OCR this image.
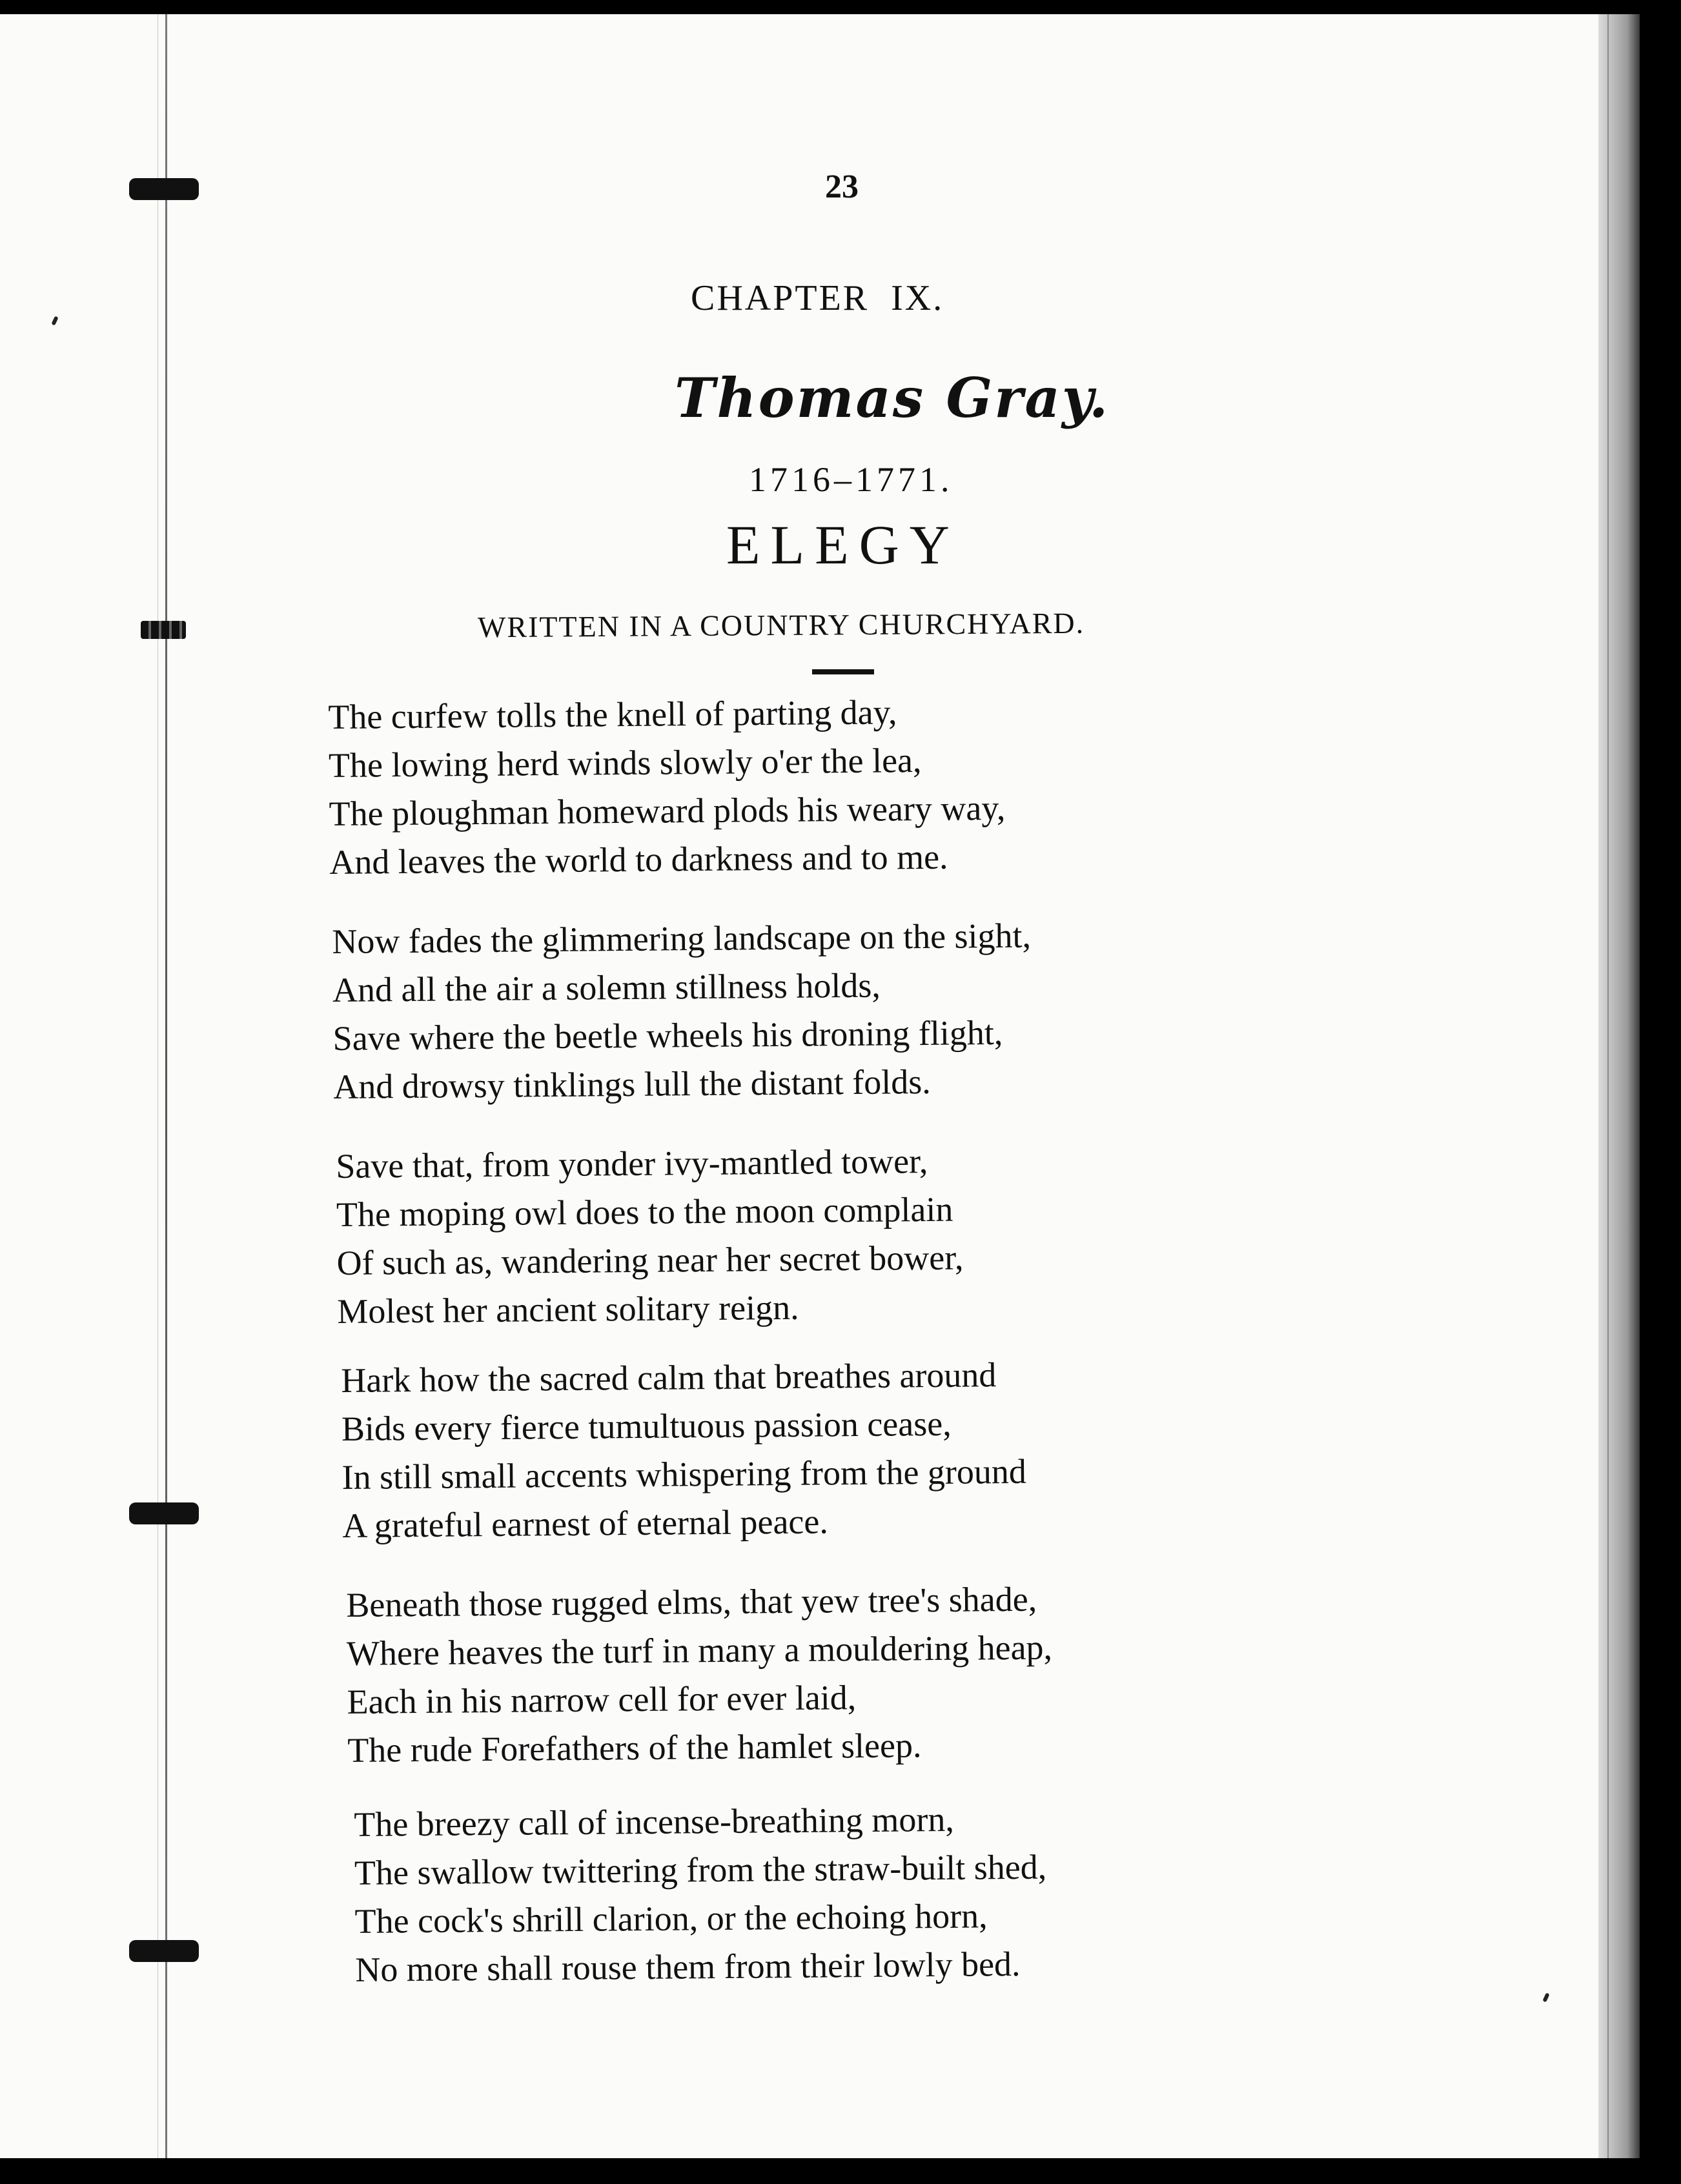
23
CHAPTER  IX.
Thomas Gray.
1716–1771.
ELEGY
WRITTEN IN A COUNTRY CHURCHYARD.
The curfew tolls the knell of parting day,
The lowing herd winds slowly o'er the lea,
The ploughman homeward plods his weary way,
And leaves the world to darkness and to me.
Now fades the glimmering landscape on the sight,
And all the air a solemn stillness holds,
Save where the beetle wheels his droning flight,
And drowsy tinklings lull the distant folds.
Save that, from yonder ivy-mantled tower,
The moping owl does to the moon complain
Of such as, wandering near her secret bower,
Molest her ancient solitary reign.
Hark how the sacred calm that breathes around
Bids every fierce tumultuous passion cease,
In still small accents whispering from the ground
A grateful earnest of eternal peace.
Beneath those rugged elms, that yew tree's shade,
Where heaves the turf in many a mouldering heap,
Each in his narrow cell for ever laid,
The rude Forefathers of the hamlet sleep.
The breezy call of incense-breathing morn,
The swallow twittering from the straw-built shed,
The cock's shrill clarion, or the echoing horn,
No more shall rouse them from their lowly bed.
